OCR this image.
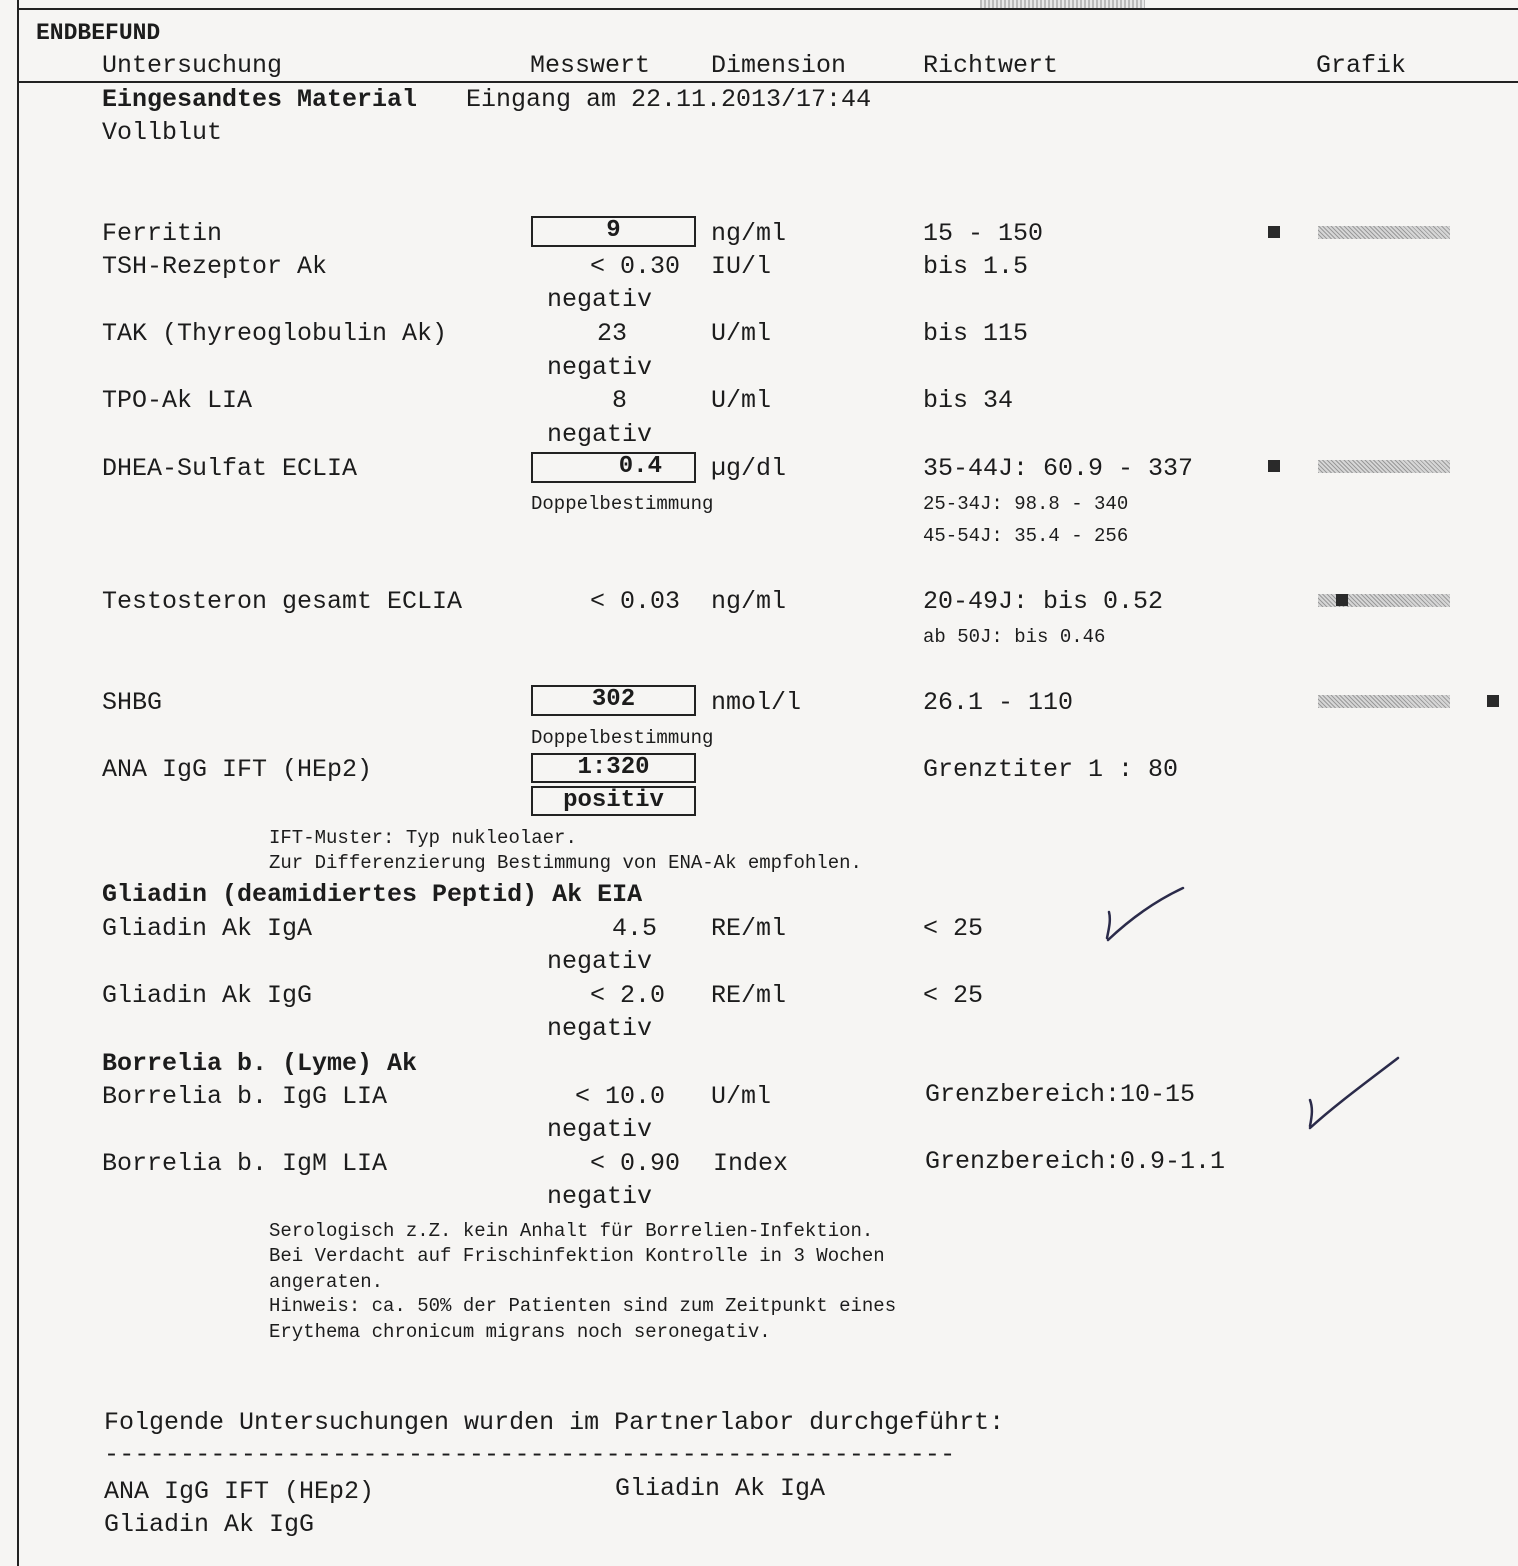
ENDBEFUND
Untersuchung	Messwert Dimension	Richtwert	Grafik
Eingesandtes Material Eingang am 22.11.2013/17:44
Vollblut
Ferritin	9	ng/ml	15 - 150
TSH-Rezeptor Ak	< 0.30 IU/l	bis 1.5
negativ
TAK (Thyreoglobulin Ak)	23	U/ml	bis 115
negativ
TPO-Ak LIA	8	U/ml	bis 34
negativ
DHEA-Sulfat ECLIA	0.4	µg/dl	35-44J: 60.9 - 337
Doppelbestimmung	25-34J: 98.8 - 340
45-54J: 35.4 - 256
Testosteron gesamt ECLIA	< 0.03 ng/ml	20-49J: bis 0.52
ab 50J: bis 0.46
SHBG	302	nmol/l	26.1 - 110
Doppelbestimmung
ANA IgG IFT (HEp2)	1:320
positiv
Grenztiter 1 : 80
IFT-Muster: Typ nukleolaer.
Zur Differenzierung Bestimmung von ENA-Ak empfohlen.
Gliadin (deamidiertes Peptid) Ak EIA
Gliadin Ak IgA	4.5 RE/ml	< 25
negativ
Gliadin Ak IgG	< 2.0 RE/ml	< 25
negativ
Borrelia b. (Lyme) Ak
Borrelia b. IgG LIA	< 10.0 U/ml	Grenzbereich:10-15
negativ
Borrelia b. IgM LIA	< 0.90 Index	Grenzbereich:0.9-1.1
negativ
Serologisch z.Z. kein Anhalt für Borrelien-Infektion.
Bei Verdacht auf Frischinfektion Kontrolle in 3 Wochen
angeraten.
Hinweis: ca. 50% der Patienten sind zum Zeitpunkt eines
Erythema chronicum migrans noch seronegativ.
Folgende Untersuchungen wurden im Partnerlabor durchgeführt:
--------------------------------------------------------
ANA IgG IFT (HEp2)	Gliadin Ak IgA
Gliadin Ak IgG
